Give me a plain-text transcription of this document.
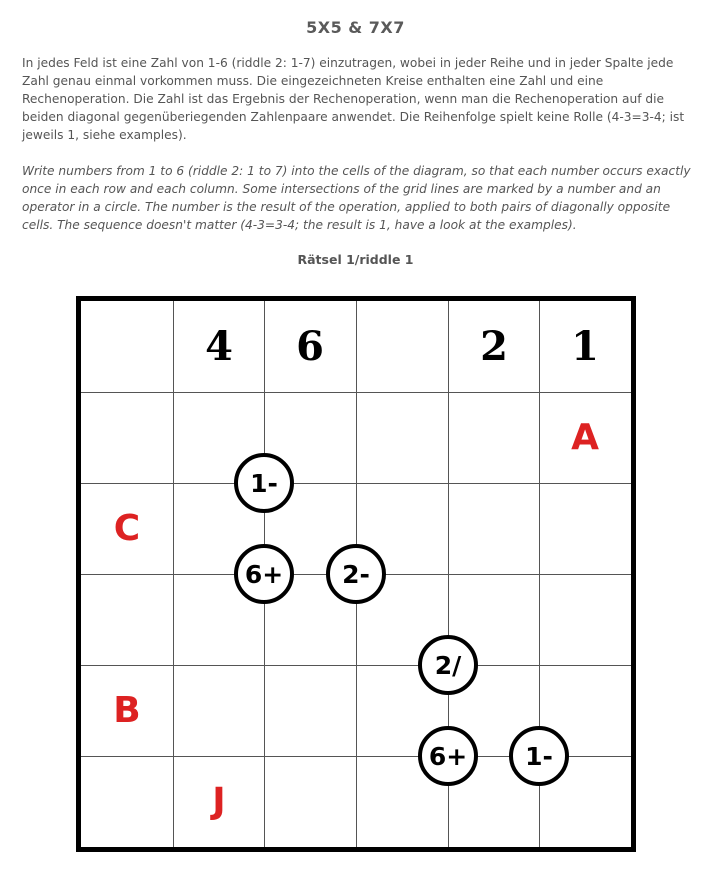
5X5 & 7X7
In jedes Feld ist eine Zahl von 1-6 (riddle 2: 1-7) einzutragen, wobei in jeder Reihe und in jeder Spalte jede Zahl genau einmal vorkommen muss. Die eingezeichneten Kreise enthalten eine Zahl und eine Rechenoperation. Die Zahl ist das Ergebnis der Rechenoperation, wenn man die Rechenoperation auf die beiden diagonal gegenüberiegenden Zahlenpaare anwendet. Die Reihenfolge spielt keine Rolle (4-3=3-4; ist jeweils 1, siehe examples).
Write numbers from 1 to 6 (riddle 2: 1 to 7) into the cells of the diagram, so that each number occurs exactly once in each row and each column. Some intersections of the grid lines are marked by a number and an operator in a circle. The number is the result of the operation, applied to both pairs of diagonally opposite cells. The sequence doesn't matter (4-3=3-4; the result is 1, have a look at the examples).
Rätsel 1/riddle 1
4	6	2	1
A
C
B
J
1-
6+ 2-
2/
6+ 1-
